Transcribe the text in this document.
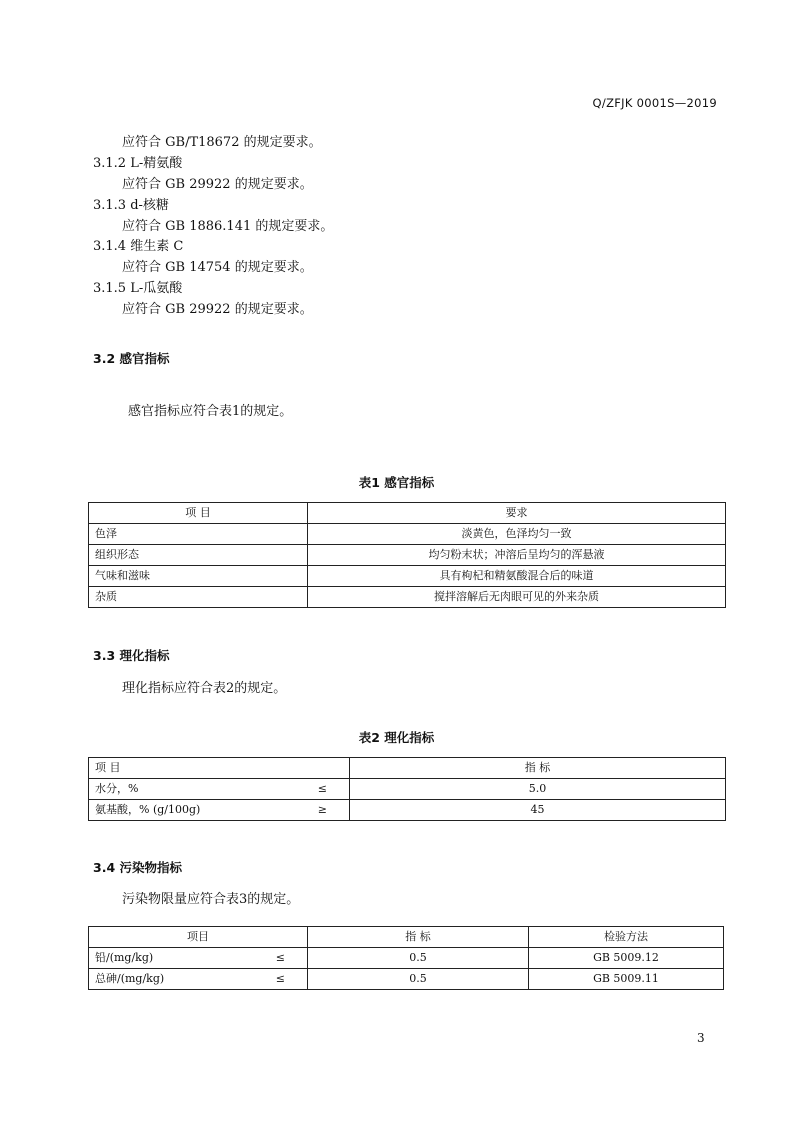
Q/ZFJK 0001S—2019
应符合 GB/T18672 的规定要求。
3.1.2 L-精氨酸
应符合 GB 29922 的规定要求。
3.1.3 d-核糖
应符合 GB 1886.141 的规定要求。
3.1.4 维生素 C
应符合 GB 14754 的规定要求。
3.1.5 L-瓜氨酸
应符合 GB 29922 的规定要求。
3.2 感官指标
感官指标应符合表1的规定。
表1 感官指标
项 目	要求
色泽	淡黄色，色泽均匀一致
组织形态	均匀粉末状；冲溶后呈均匀的浑悬液
气味和滋味	具有枸杞和精氨酸混合后的味道
杂质	搅拌溶解后无肉眼可见的外来杂质
3.3 理化指标
理化指标应符合表2的规定。
表2 理化指标
项 目	指 标
水分，% ≤	5.0
氨基酸，% (g/100g) ≥	45
3.4 污染物指标
污染物限量应符合表3的规定。
项目	指 标	检验方法
铅/(mg/kg) ≤	0.5	GB 5009.12
总砷/(mg/kg) ≤	0.5	GB 5009.11
3
